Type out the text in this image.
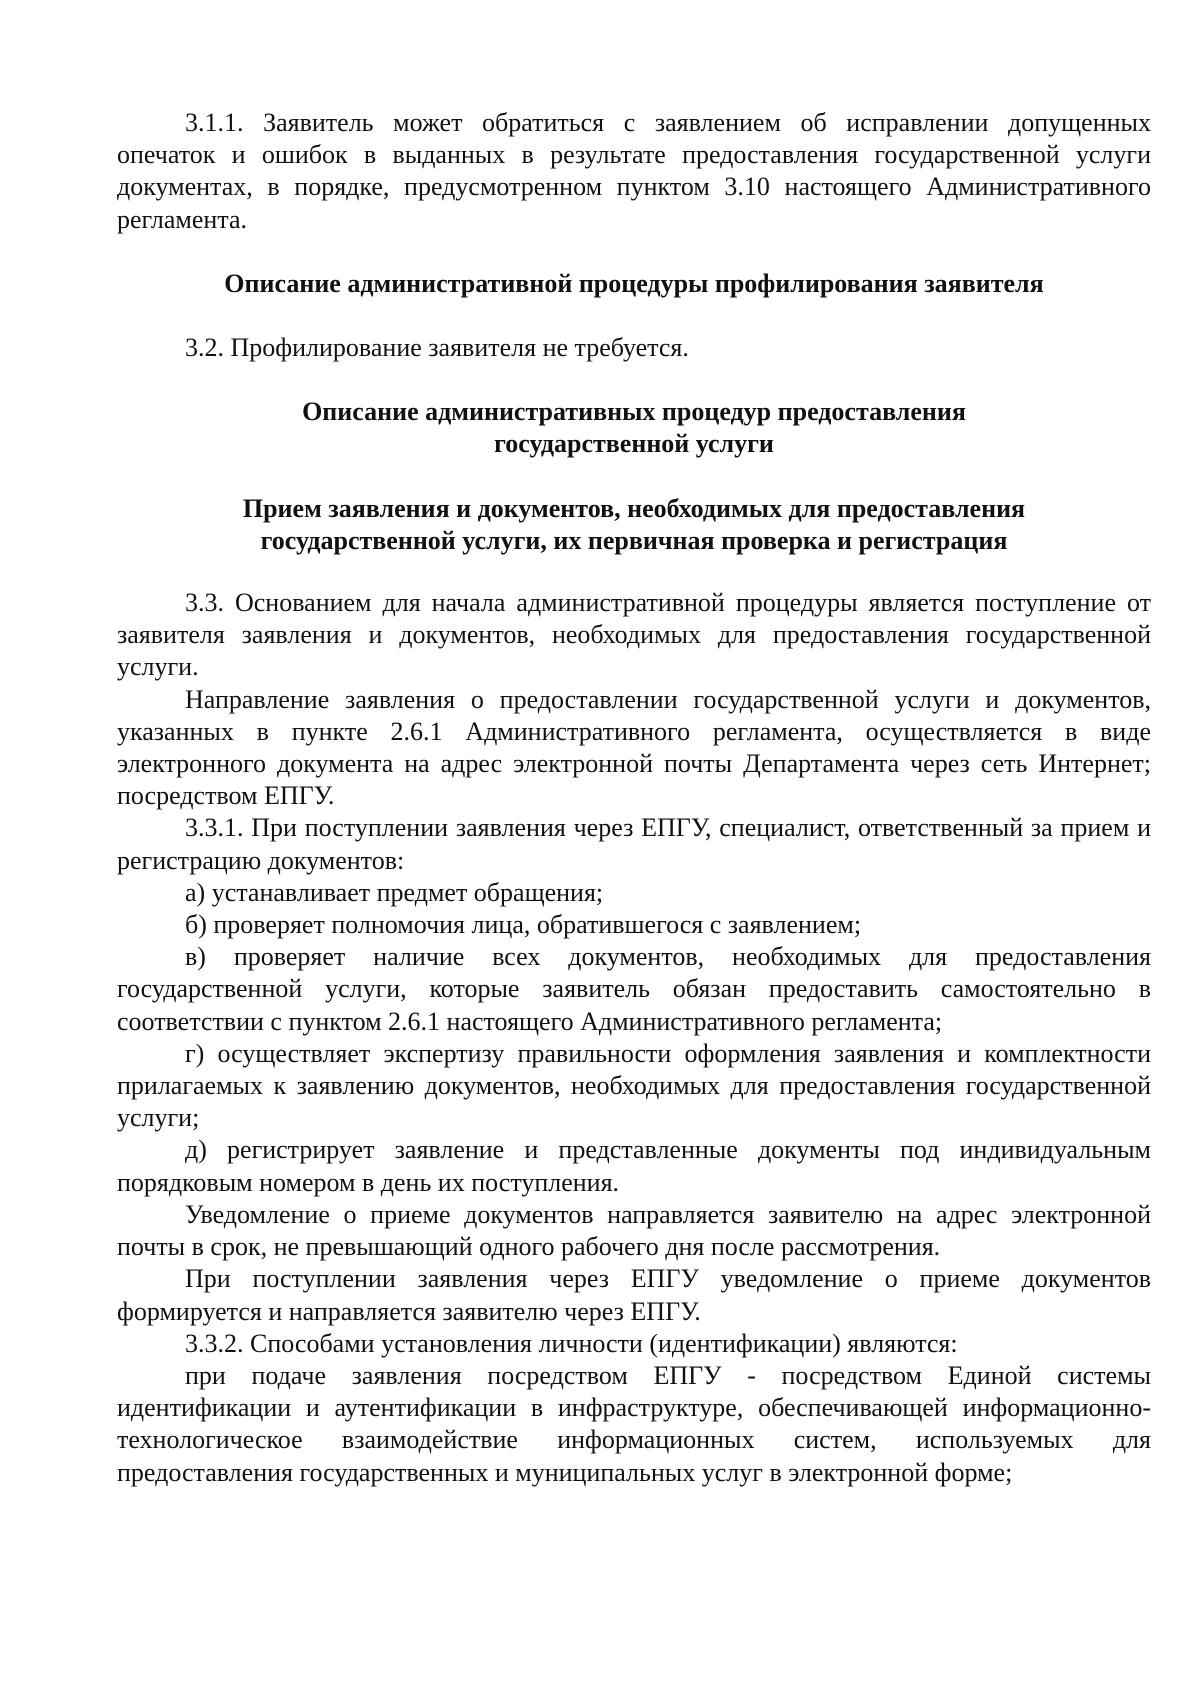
3.1.1. Заявитель может обратиться с заявлением об исправлении допущенных опечаток и ошибок в выданных в результате предоставления государственной услуги документах, в порядке, предусмотренном пунктом 3.10 настоящего Административного регламента.

Описание административной процедуры профилирования заявителя

3.2. Профилирование заявителя не требуется.

Описание административных процедур предоставления
государственной услуги
Прием заявления и документов, необходимых для предоставления
государственной услуги, их первичная проверка и регистрация

3.3. Основанием для начала административной процедуры является поступление от заявителя заявления и документов, необходимых для предоставления государственной услуги.

Направление заявления о предоставлении государственной услуги и документов, указанных в пункте 2.6.1 Административного регламента, осуществляется в виде электронного документа на адрес электронной почты Департамента через сеть Интернет; посредством ЕПГУ.

3.3.1. При поступлении заявления через ЕПГУ, специалист, ответственный за прием и регистрацию документов:

а) устанавливает предмет обращения;

б) проверяет полномочия лица, обратившегося с заявлением;

в) проверяет наличие всех документов, необходимых для предоставления государственной услуги, которые заявитель обязан предоставить самостоятельно в соответствии с пунктом 2.6.1 настоящего Административного регламента;

г) осуществляет экспертизу правильности оформления заявления и комплектности прилагаемых к заявлению документов, необходимых для предоставления государственной услуги;

д) регистрирует заявление и представленные документы под индивидуальным порядковым номером в день их поступления.

Уведомление о приеме документов направляется заявителю на адрес электронной почты в срок, не превышающий одного рабочего дня после рассмотрения.

При поступлении заявления через ЕПГУ уведомление о приеме документов формируется и направляется заявителю через ЕПГУ.

3.3.2. Способами установления личности (идентификации) являются:

при подаче заявления посредством ЕПГУ - посредством Единой системы идентификации и аутентификации в инфраструктуре, обеспечивающей информационно-технологическое взаимодействие информационных систем, используемых для предоставления государственных и муниципальных услуг в электронной форме;
